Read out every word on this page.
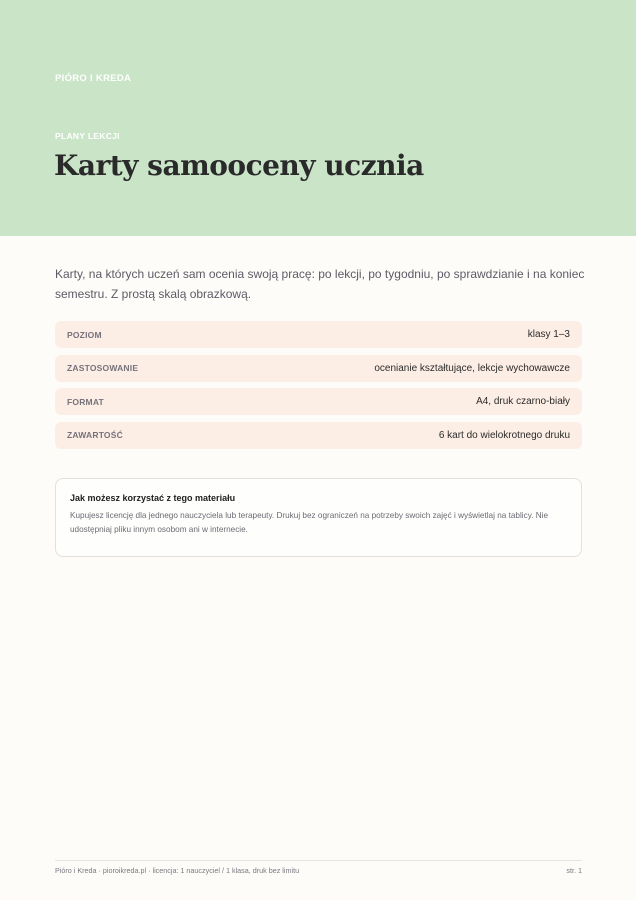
PIÓRO I KREDA
PLANY LEKCJI
Karty samooceny ucznia

Karty, na których uczeń sam ocenia swoją pracę: po lekcji, po tygodniu, po sprawdzianie i na koniec semestru. Z prostą skalą obrazkową.

POZIOM	klasy 1–3
ZASTOSOWANIE	ocenianie kształtujące, lekcje wychowawcze
FORMAT	A4, druk czarno-biały
ZAWARTOŚĆ	6 kart do wielokrotnego druku

Jak możesz korzystać z tego materiału

Kupujesz licencję dla jednego nauczyciela lub terapeuty. Drukuj bez ograniczeń na potrzeby swoich zajęć i wyświetlaj na tablicy. Nie udostępniaj pliku innym osobom ani w internecie.

Pióro i Kreda · pioroikreda.pl · licencja: 1 nauczyciel / 1 klasa, druk bez limitu	str. 1
